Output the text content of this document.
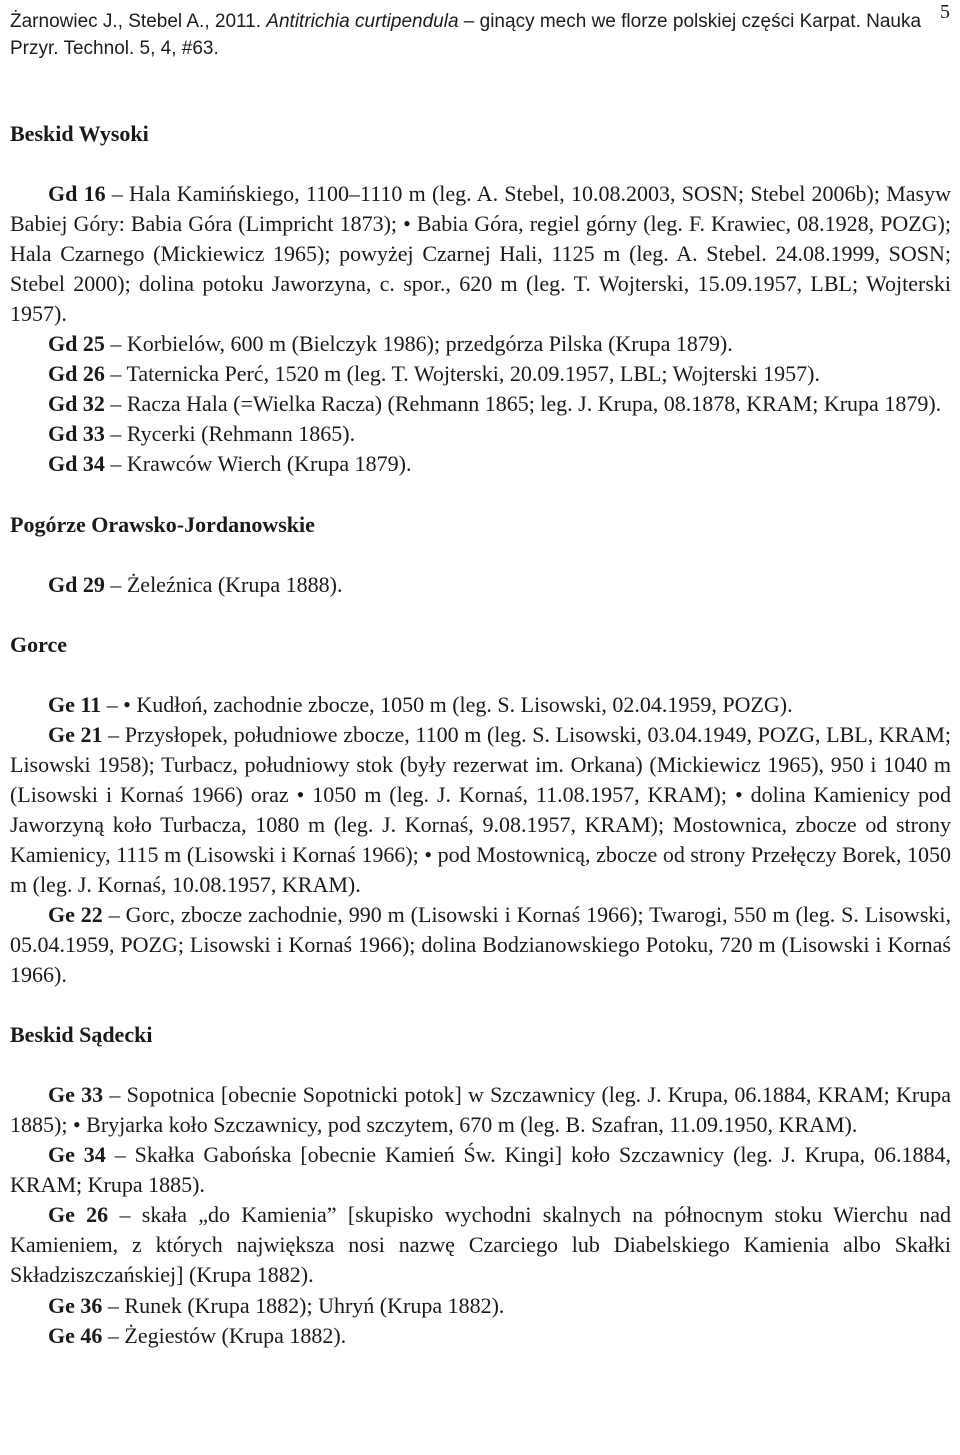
5
Żarnowiec J., Stebel A., 2011. Antitrichia curtipendula – ginący mech we florze polskiej części Karpat. Nauka Przyr. Technol. 5, 4, #63.

Beskid Wysoki

Gd 16 – Hala Kamińskiego, 1100–1110 m (leg. A. Stebel, 10.08.2003, SOSN; Stebel 2006b); Masyw Babiej Góry: Babia Góra (Limpricht 1873); • Babia Góra, regiel górny (leg. F. Krawiec, 08.1928, POZG); Hala Czarnego (Mickiewicz 1965); powyżej Czarnej Hali, 1125 m (leg. A. Stebel. 24.08.1999, SOSN; Stebel 2000); dolina potoku Jaworzyna, c. spor., 620 m (leg. T. Wojterski, 15.09.1957, LBL; Wojterski 1957).

Gd 25 – Korbielów, 600 m (Bielczyk 1986); przedgórza Pilska (Krupa 1879).

Gd 26 – Taternicka Perć, 1520 m (leg. T. Wojterski, 20.09.1957, LBL; Wojterski 1957).

Gd 32 – Racza Hala (=Wielka Racza) (Rehmann 1865; leg. J. Krupa, 08.1878, KRAM; Krupa 1879).

Gd 33 – Rycerki (Rehmann 1865).

Gd 34 – Krawców Wierch (Krupa 1879).

Pogórze Orawsko-Jordanowskie

Gd 29 – Żeleźnica (Krupa 1888).

Gorce

Ge 11 – • Kudłoń, zachodnie zbocze, 1050 m (leg. S. Lisowski, 02.04.1959, POZG).

Ge 21 – Przysłopek, południowe zbocze, 1100 m (leg. S. Lisowski, 03.04.1949, POZG, LBL, KRAM; Lisowski 1958); Turbacz, południowy stok (były rezerwat im. Orkana) (Mickiewicz 1965), 950 i 1040 m (Lisowski i Kornaś 1966) oraz • 1050 m (leg. J. Kornaś, 11.08.1957, KRAM); • dolina Kamienicy pod Jaworzyną koło Turbacza, 1080 m (leg. J. Kornaś, 9.08.1957, KRAM); Mostownica, zbocze od strony Kamienicy, 1115 m (Lisowski i Kornaś 1966); • pod Mostownicą, zbocze od strony Przełęczy Borek, 1050 m (leg. J. Kornaś, 10.08.1957, KRAM).

Ge 22 – Gorc, zbocze zachodnie, 990 m (Lisowski i Kornaś 1966); Twarogi, 550 m (leg. S. Lisowski, 05.04.1959, POZG; Lisowski i Kornaś 1966); dolina Bodzianowskiego Potoku, 720 m (Lisowski i Kornaś 1966).

Beskid Sądecki

Ge 33 – Sopotnica [obecnie Sopotnicki potok] w Szczawnicy (leg. J. Krupa, 06.1884, KRAM; Krupa 1885); • Bryjarka koło Szczawnicy, pod szczytem, 670 m (leg. B. Szafran, 11.09.1950, KRAM).

Ge 34 – Skałka Gabońska [obecnie Kamień Św. Kingi] koło Szczawnicy (leg. J. Krupa, 06.1884, KRAM; Krupa 1885).

Ge 26 – skała „do Kamienia” [skupisko wychodni skalnych na północnym stoku Wierchu nad Kamieniem, z których największa nosi nazwę Czarciego lub Diabelskiego Kamienia albo Skałki Składziszczańskiej] (Krupa 1882).

Ge 36 – Runek (Krupa 1882); Uhryń (Krupa 1882).

Ge 46 – Żegiestów (Krupa 1882).
